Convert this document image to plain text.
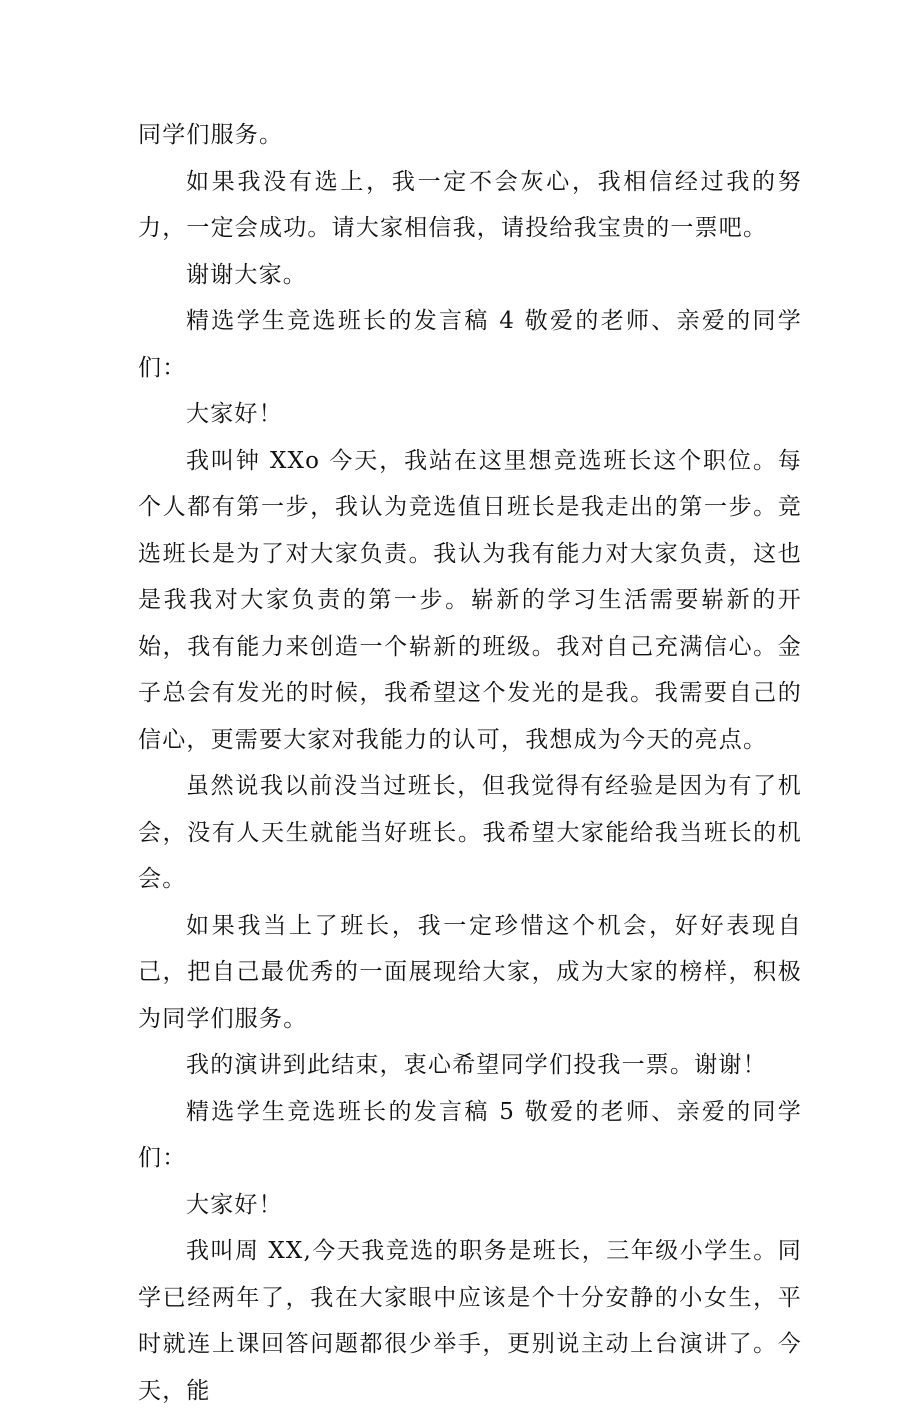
同学们服务。

如果我没有选上，我一定不会灰心，我相信经过我的努力，一定会成功。请大家相信我，请投给我宝贵的一票吧。

谢谢大家。

精选学生竞选班长的发言稿 4 敬爱的老师、亲爱的同学们：

大家好！

我叫钟 XXo 今天，我站在这里想竞选班长这个职位。每个人都有第一步，我认为竞选值日班长是我走出的第一步。竞选班长是为了对大家负责。我认为我有能力对大家负责，这也是我我对大家负责的第一步。崭新的学习生活需要崭新的开始，我有能力来创造一个崭新的班级。我对自己充满信心。金子总会有发光的时候，我希望这个发光的是我。我需要自己的信心，更需要大家对我能力的认可，我想成为今天的亮点。

虽然说我以前没当过班长，但我觉得有经验是因为有了机会，没有人天生就能当好班长。我希望大家能给我当班长的机会。

如果我当上了班长，我一定珍惜这个机会，好好表现自己，把自己最优秀的一面展现给大家，成为大家的榜样，积极为同学们服务。

我的演讲到此结束，衷心希望同学们投我一票。谢谢！

精选学生竞选班长的发言稿 5 敬爱的老师、亲爱的同学们：

大家好！

我叫周 XX,今天我竞选的职务是班长，三年级小学生。同学已经两年了，我在大家眼中应该是个十分安静的小女生，平时就连上课回答问题都很少举手，更别说主动上台演讲了。今天，能
